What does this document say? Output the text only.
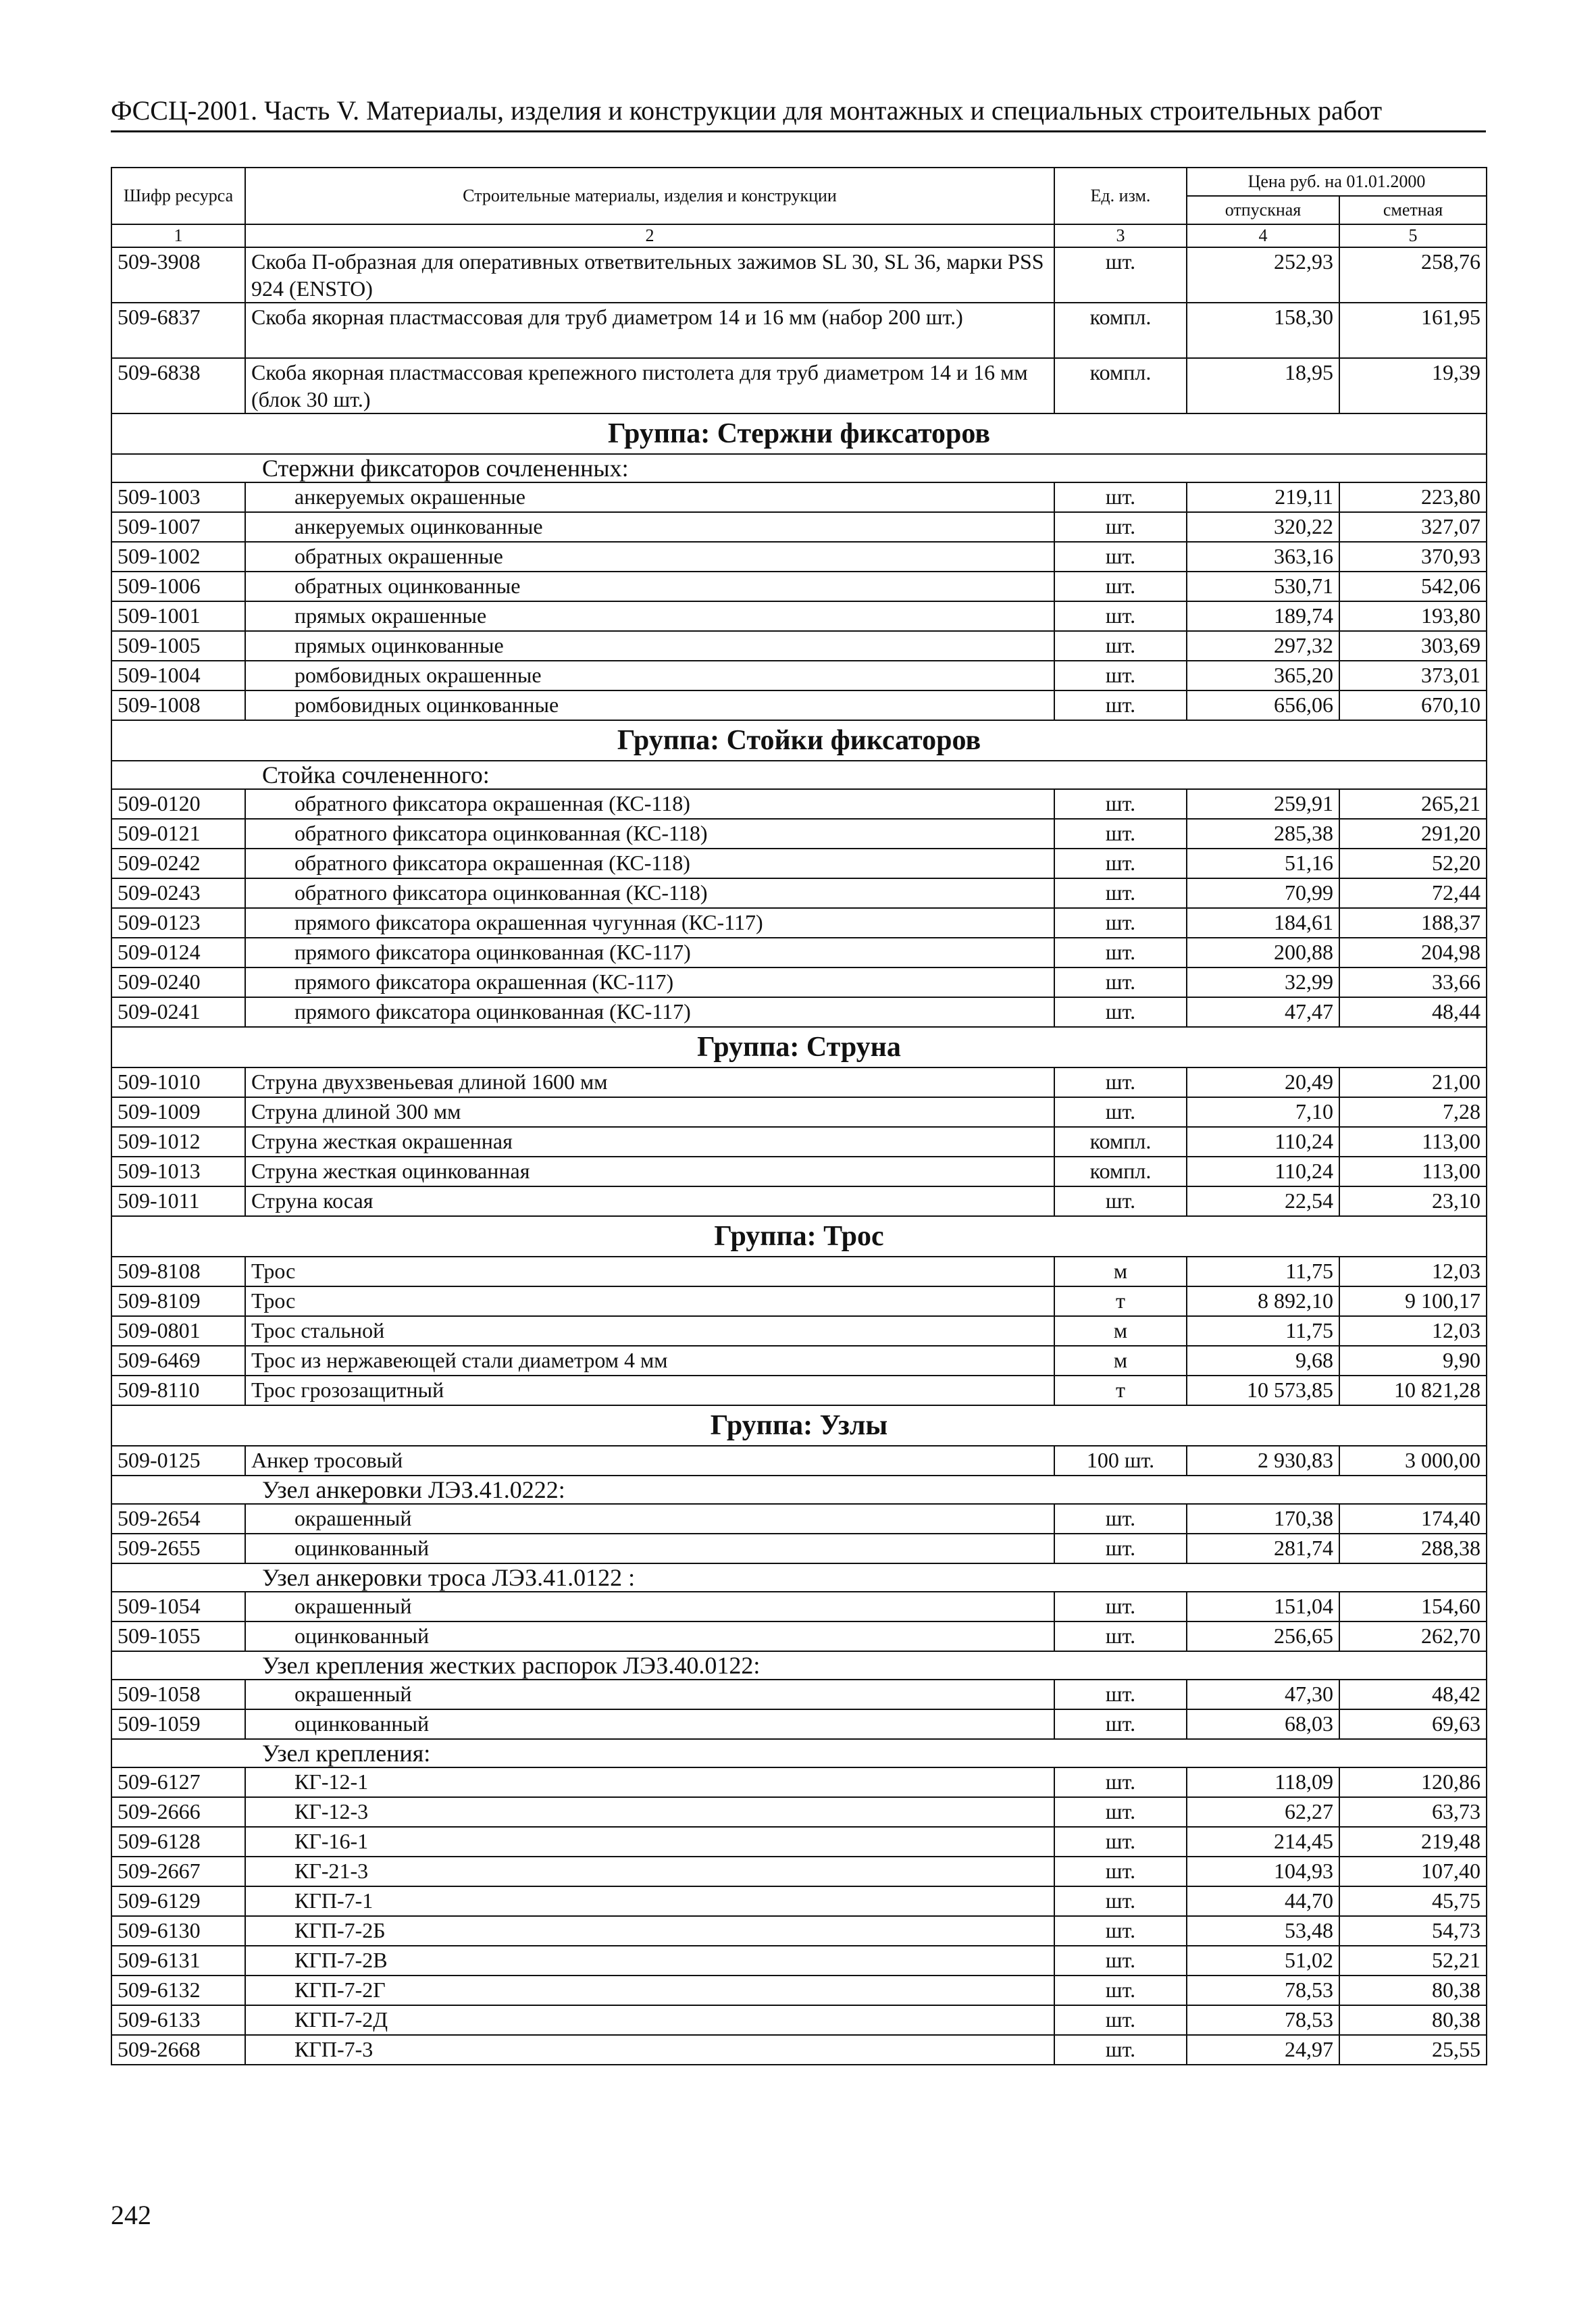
ФССЦ-2001. Часть V. Материалы, изделия и конструкции для монтажных и специальных строительных работ
Шифр ресурса	Строительные материалы, изделия и конструкции	Ед. изм.	Цена руб. на 01.01.2000	
			отпускная	сметная
1	2	3	4	5
509-3908	Скоба П-образная для оперативных ответвительных зажимов SL 30, SL 36, марки PSS 924 (ENSTO)	шт.	252,93	258,76
509-6837	Скоба якорная пластмассовая для труб диаметром 14 и 16 мм (набор 200 шт.)	компл.	158,30	161,95
509-6838	Скоба якорная пластмассовая крепежного пистолета для труб диаметром 14 и 16 мм (блок 30 шт.)	компл.	18,95	19,39
Группа: Стержни фиксаторов				
Стержни фиксаторов сочлененных:				
509-1003	анкеруемых окрашенные	шт.	219,11	223,80
509-1007	анкеруемых оцинкованные	шт.	320,22	327,07
509-1002	обратных окрашенные	шт.	363,16	370,93
509-1006	обратных оцинкованные	шт.	530,71	542,06
509-1001	прямых окрашенные	шт.	189,74	193,80
509-1005	прямых оцинкованные	шт.	297,32	303,69
509-1004	ромбовидных окрашенные	шт.	365,20	373,01
509-1008	ромбовидных оцинкованные	шт.	656,06	670,10
Группа: Стойки фиксаторов				
Стойка сочлененного:				
509-0120	обратного фиксатора окрашенная (КС-118)	шт.	259,91	265,21
509-0121	обратного фиксатора оцинкованная (КС-118)	шт.	285,38	291,20
509-0242	обратного фиксатора окрашенная (КС-118)	шт.	51,16	52,20
509-0243	обратного фиксатора оцинкованная (КС-118)	шт.	70,99	72,44
509-0123	прямого фиксатора окрашенная чугунная (КС-117)	шт.	184,61	188,37
509-0124	прямого фиксатора оцинкованная (КС-117)	шт.	200,88	204,98
509-0240	прямого фиксатора окрашенная (КС-117)	шт.	32,99	33,66
509-0241	прямого фиксатора оцинкованная (КС-117)	шт.	47,47	48,44
Группа: Струна				
509-1010	Струна двухзвеньевая длиной 1600 мм	шт.	20,49	21,00
509-1009	Струна длиной 300 мм	шт.	7,10	7,28
509-1012	Струна жесткая окрашенная	компл.	110,24	113,00
509-1013	Струна жесткая оцинкованная	компл.	110,24	113,00
509-1011	Струна косая	шт.	22,54	23,10
Группа: Трос				
509-8108	Трос	м	11,75	12,03
509-8109	Трос	т	8 892,10	9 100,17
509-0801	Трос стальной	м	11,75	12,03
509-6469	Трос из нержавеющей стали диаметром 4 мм	м	9,68	9,90
509-8110	Трос грозозащитный	т	10 573,85	10 821,28
Группа: Узлы				
509-0125	Анкер тросовый	100 шт.	2 930,83	3 000,00
Узел анкеровки ЛЭЗ.41.0222:				
509-2654	окрашенный	шт.	170,38	174,40
509-2655	оцинкованный	шт.	281,74	288,38
Узел анкеровки троса ЛЭЗ.41.0122 :				
509-1054	окрашенный	шт.	151,04	154,60
509-1055	оцинкованный	шт.	256,65	262,70
Узел крепления жестких распорок ЛЭЗ.40.0122:				
509-1058	окрашенный	шт.	47,30	48,42
509-1059	оцинкованный	шт.	68,03	69,63
Узел крепления:				
509-6127	КГ-12-1	шт.	118,09	120,86
509-2666	КГ-12-3	шт.	62,27	63,73
509-6128	КГ-16-1	шт.	214,45	219,48
509-2667	КГ-21-3	шт.	104,93	107,40
509-6129	КГП-7-1	шт.	44,70	45,75
509-6130	КГП-7-2Б	шт.	53,48	54,73
509-6131	КГП-7-2В	шт.	51,02	52,21
509-6132	КГП-7-2Г	шт.	78,53	80,38
509-6133	КГП-7-2Д	шт.	78,53	80,38
509-2668	КГП-7-3	шт.	24,97	25,55
242
